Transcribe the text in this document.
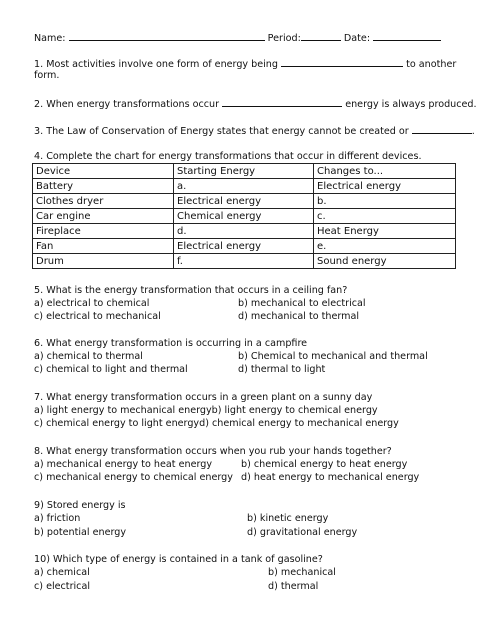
Name:	Period:	Date:
1. Most activities involve one form of energy being	to another
form.
2. When energy transformations occur	energy is always produced.
3. The Law of Conservation of Energy states that energy cannot be created or	.
4. Complete the chart for energy transformations that occur in different devices.
Device	Starting Energy	Changes to...
Battery	a.	Electrical energy
Clothes dryer	Electrical energy	b.
Car engine	Chemical energy	c.
Fireplace	d.	Heat Energy
Fan	Electrical energy	e.
Drum	f.	Sound energy
5. What is the energy transformation that occurs in a ceiling fan?
a) electrical to chemical	b) mechanical to electrical
c) electrical to mechanical	d) mechanical to thermal
6. What energy transformation is occurring in a campfire
a) chemical to thermal	b) Chemical to mechanical and thermal
c) chemical to light and thermal	d) thermal to light
7. What energy transformation occurs in a green plant on a sunny day
a) light energy to mechanical energyb) light energy to chemical energy
c) chemical energy to light energyd) chemical energy to mechanical energy
8. What energy transformation occurs when you rub your hands together?
a) mechanical energy to heat energy	b) chemical energy to heat energy
c) mechanical energy to chemical energy d) heat energy to mechanical energy
9) Stored energy is
a) friction	b) kinetic energy
b) potential energy	d) gravitational energy
10) Which type of energy is contained in a tank of gasoline?
a) chemical	b) mechanical
c) electrical	d) thermal
